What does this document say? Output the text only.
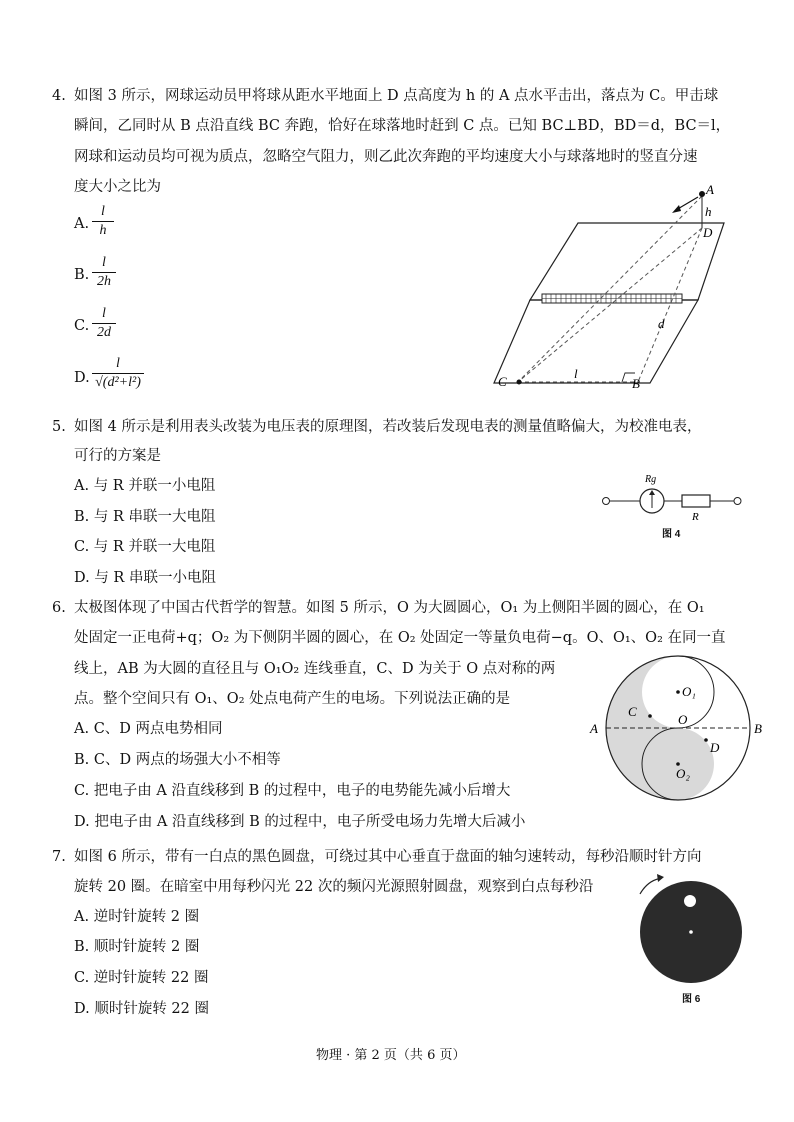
4. 如图 3 所示，网球运动员甲将球从距水平地面上 D 点高度为 h 的 A 点水平击出，落点为 C。甲击球
瞬间，乙同时从 B 点沿直线 BC 奔跑，恰好在球落地时赶到 C 点。已知 BC⊥BD，BD＝d，BC＝l，
网球和运动员均可视为质点，忽略空气阻力，则乙此次奔跑的平均速度大小与球落地时的竖直分速
度大小之比为
A.
l
h
B.
l
2h
C.
l
2d
D.
l
√(d²+l²)
A
h
D
d
C
l
B
5. 如图 4 所示是利用表头改装为电压表的原理图，若改装后发现电表的测量值略偏大，为校准电表，
可行的方案是
A. 与 R 并联一小电阻
B. 与 R 串联一大电阻
C. 与 R 并联一大电阻
D. 与 R 串联一小电阻
Rg
R
图 4
6. 太极图体现了中国古代哲学的智慧。如图 5 所示，O 为大圆圆心，O₁ 为上侧阳半圆的圆心，在 O₁
处固定一正电荷+q；O₂ 为下侧阴半圆的圆心，在 O₂ 处固定一等量负电荷−q。O、O₁、O₂ 在同一直
线上，AB 为大圆的直径且与 O₁O₂ 连线垂直，C、D 为关于 O 点对称的两
点。整个空间只有 O₁、O₂ 处点电荷产生的电场。下列说法正确的是
A. C、D 两点电势相同
B. C、D 两点的场强大小不相等
C. 把电子由 A 沿直线移到 B 的过程中，电子的电势能先减小后增大
D. 把电子由 A 沿直线移到 B 的过程中，电子所受电场力先增大后减小
A	B
C
D
O
O₁
O₂
7. 如图 6 所示，带有一白点的黑色圆盘，可绕过其中心垂直于盘面的轴匀速转动，每秒沿顺时针方向
旋转 20 圈。在暗室中用每秒闪光 22 次的频闪光源照射圆盘，观察到白点每秒沿
A. 逆时针旋转 2 圈
B. 顺时针旋转 2 圈
C. 逆时针旋转 22 圈
D. 顺时针旋转 22 圈
图 6
物理 · 第 2 页（共 6 页）
